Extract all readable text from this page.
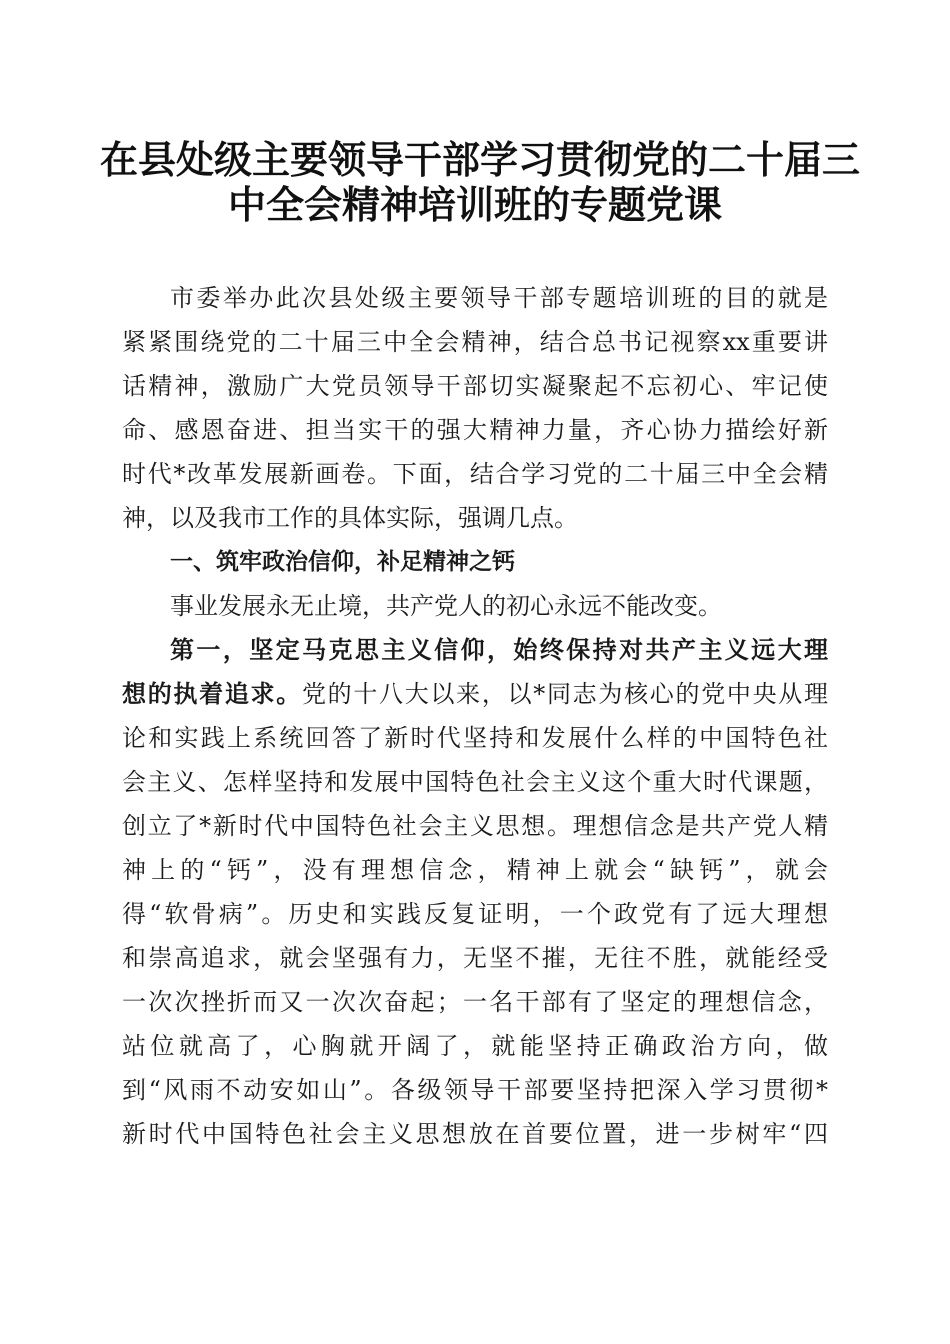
在县处级主要领导干部学习贯彻党的二十届三
中全会精神培训班的专题党课
市委举办此次县处级主要领导干部专题培训班的目的就是
紧紧围绕党的二十届三中全会精神，结合总书记视察xx重要讲
话精神，激励广大党员领导干部切实凝聚起不忘初心、牢记使
命、感恩奋进、担当实干的强大精神力量，齐心协力描绘好新
时代*改革发展新画卷。下面，结合学习党的二十届三中全会精
神，以及我市工作的具体实际，强调几点。
一、筑牢政治信仰，补足精神之钙
事业发展永无止境，共产党人的初心永远不能改变。
第一，坚定马克思主义信仰，始终保持对共产主义远大理
想的执着追求。党的十八大以来，以*同志为核心的党中央从理
论和实践上系统回答了新时代坚持和发展什么样的中国特色社
会主义、怎样坚持和发展中国特色社会主义这个重大时代课题，
创立了*新时代中国特色社会主义思想。理想信念是共产党人精
神上的“钙”，没有理想信念，精神上就会“缺钙”，就会
得“软骨病”。历史和实践反复证明，一个政党有了远大理想
和崇高追求，就会坚强有力，无坚不摧，无往不胜，就能经受
一次次挫折而又一次次奋起；一名干部有了坚定的理想信念，
站位就高了，心胸就开阔了，就能坚持正确政治方向，做
到“风雨不动安如山”。各级领导干部要坚持把深入学习贯彻*
新时代中国特色社会主义思想放在首要位置，进一步树牢“四
